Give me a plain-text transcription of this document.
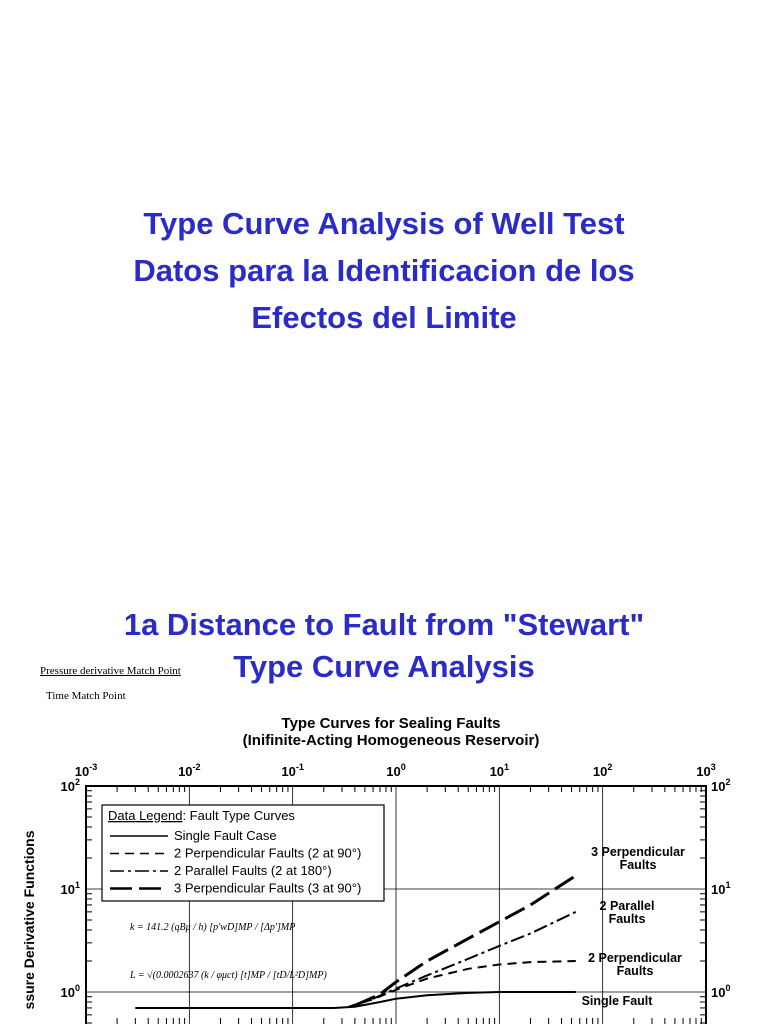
Type Curve Analysis of Well Test
Datos para la Identificacion de los
Efectos del Limite
1a Distance to Fault from "Stewart"
Type Curve Analysis
Pressure derivative Match Point
Time Match Point
Type Curves for Sealing Faults
(Inifinite-Acting Homogeneous Reservoir)
ssure Derivative Functions
$10^{-3}$	$10^{-2}$	$10^{-1}$	$10^0$	$10^1$	$10^2$	$10^3$
$10^2$	$10^2$
$10^1$	$10^1$
$10^0$	$10^0$
Data Legend: Fault Type Curves
Single Fault Case
2 Perpendicular Faults (2 at 90°)
2 Parallel Faults (2 at 180°)
3 Perpendicular Faults (3 at 90°)
3 Perpendicular
Faults
2 Parallel
Faults
2 Perpendicular
Faults
Single Fault
k = 141.2 (qBμ / h) [p'wD]MP / [Δp']MP
L = √(0.0002637 (k / φμct) [t]MP / [tD/L²D]MP)
